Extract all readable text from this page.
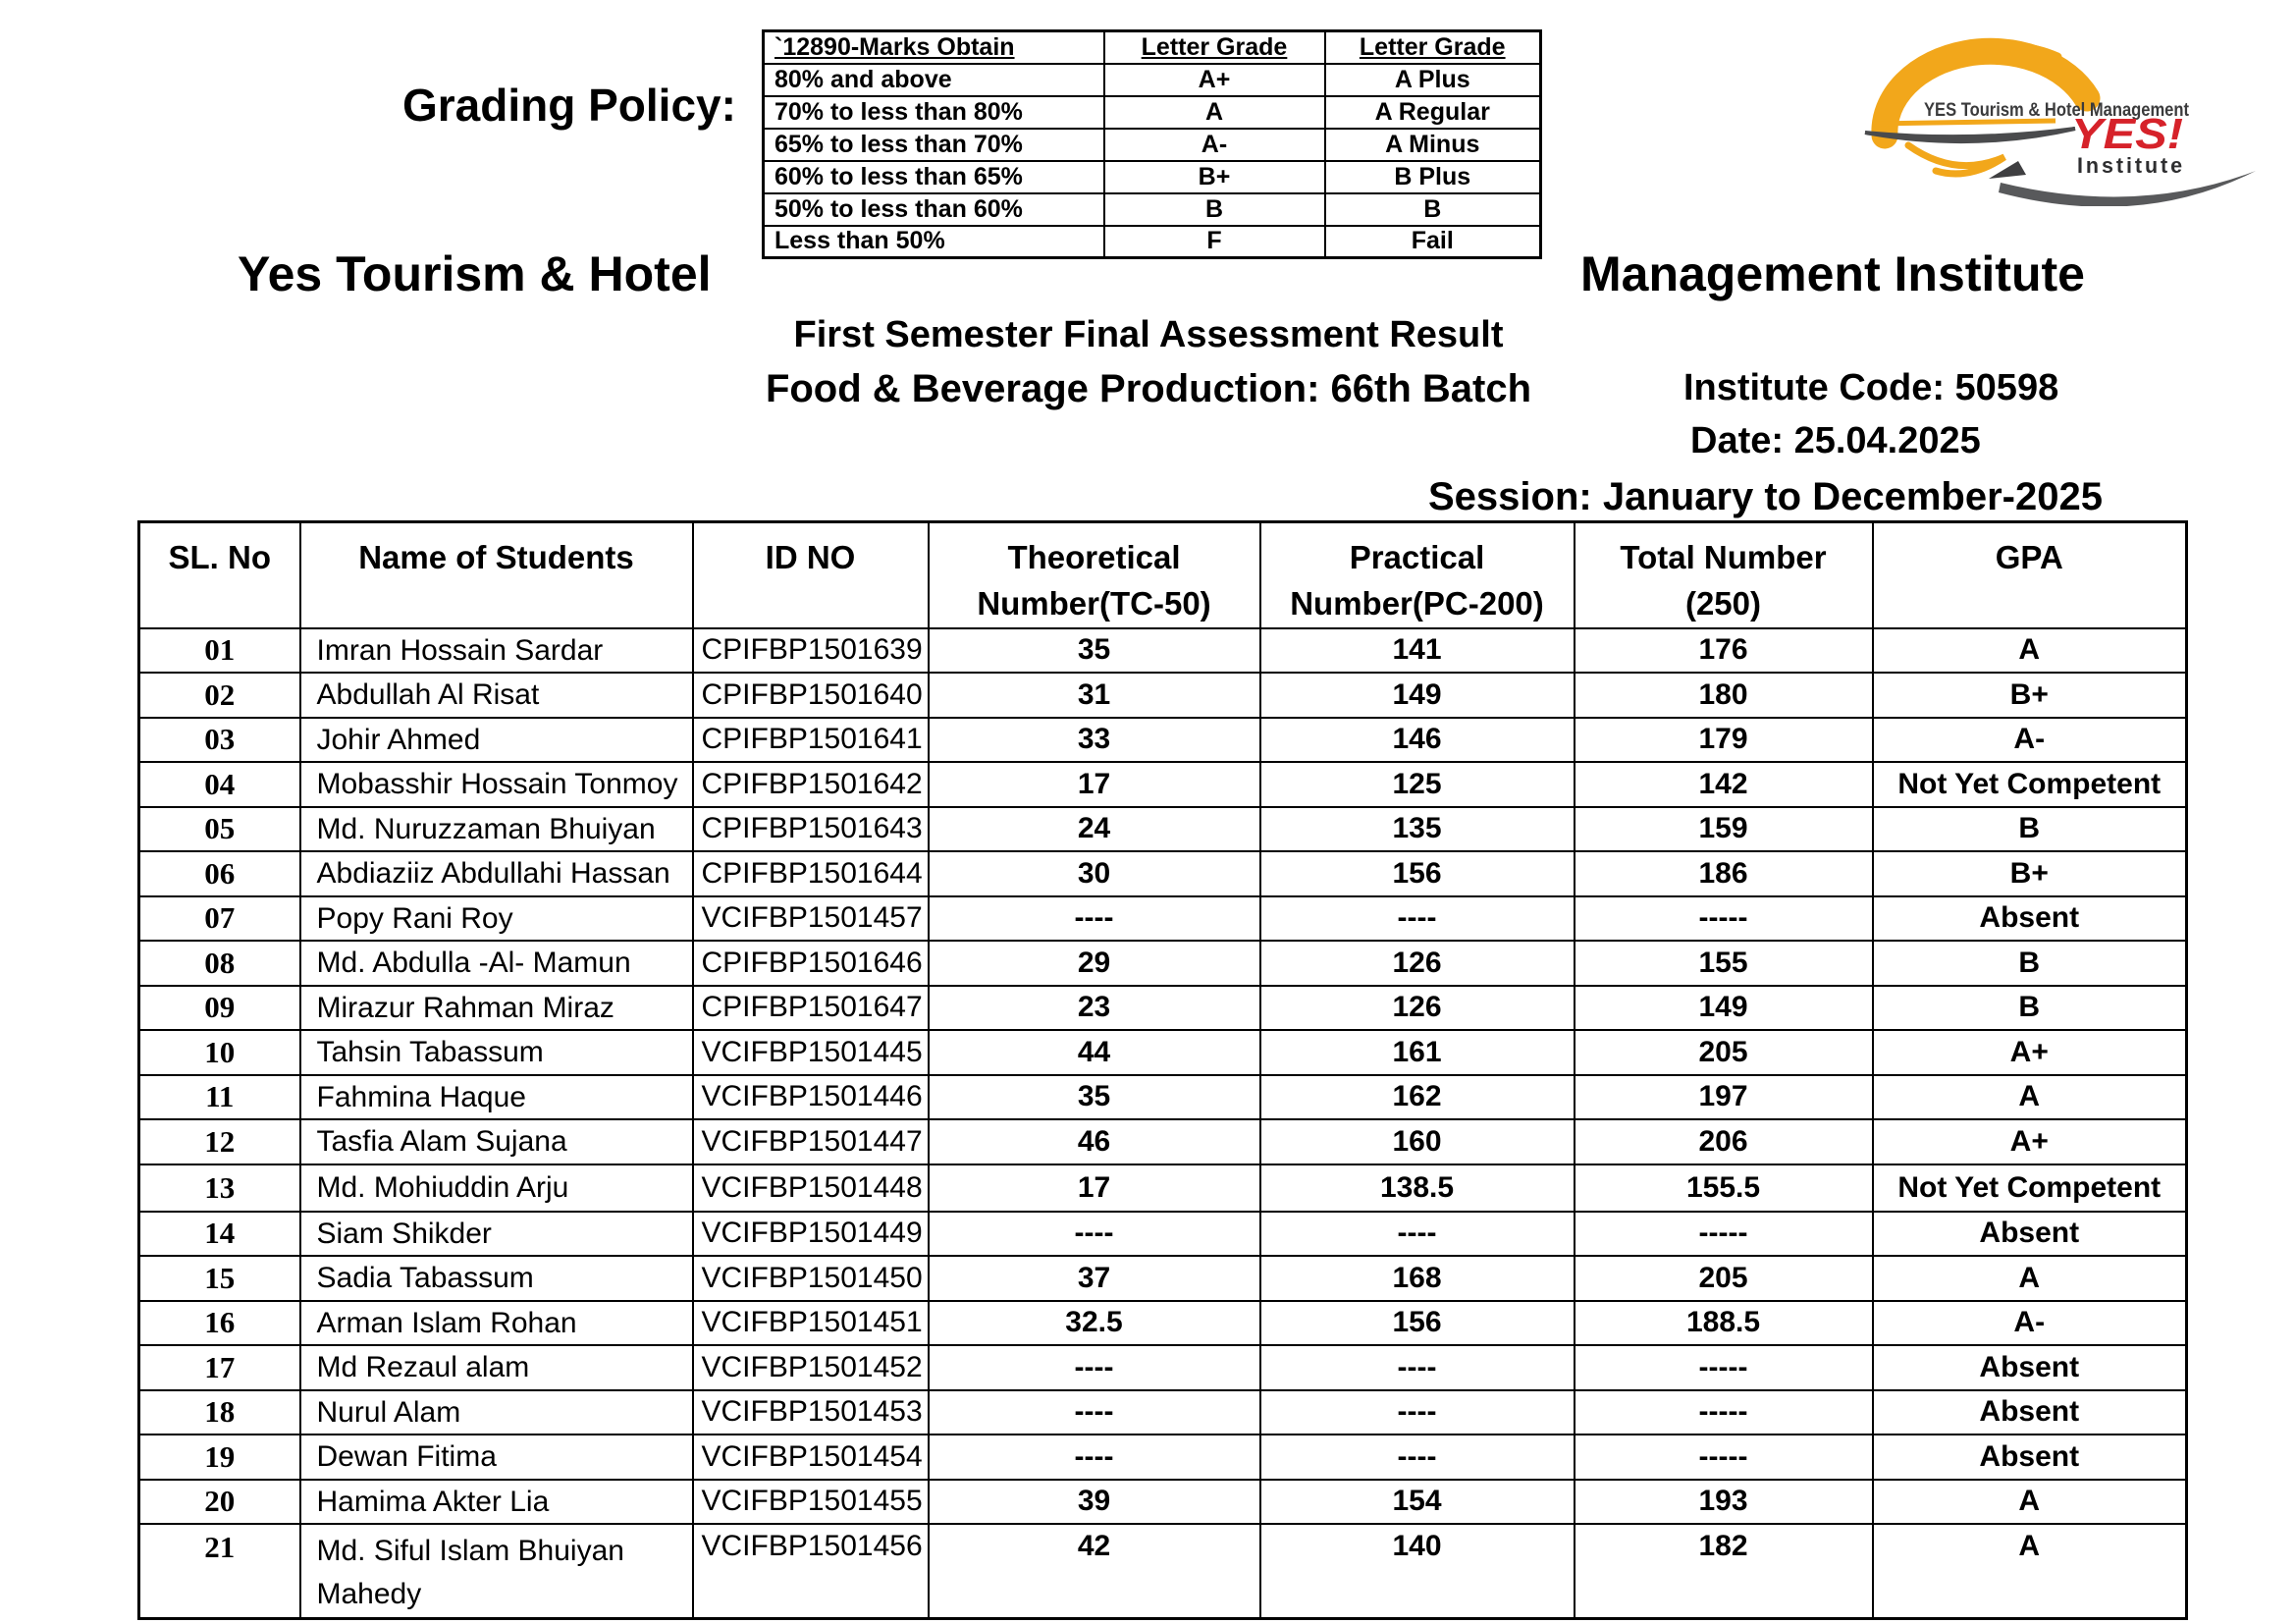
Grading Policy:
`12890-Marks Obtain	Letter Grade	Letter Grade
80% and above	A+	A Plus
70% to less than 80%	A	A Regular
65% to less than 70%	A-	A Minus
60% to less than 65%	B+	B Plus
50% to less than 60%	B	B
Less than 50%	F	Fail
YES Tourism & Hotel Management
YES!
Institute
Yes Tourism & Hotel	Management Institute
First Semester Final Assessment Result
Food & Beverage Production: 66th Batch	Institute Code: 50598
Date: 25.04.2025
Session: January to December-2025
SL. No	Name of Students	ID NO	Theoretical Number(TC-50)	Practical Number(PC-200)	Total Number (250)	GPA
01	Imran Hossain Sardar	CPIFBP1501639	35	141	176	A
02	Abdullah Al Risat	CPIFBP1501640	31	149	180	B+
03	Johir Ahmed	CPIFBP1501641	33	146	179	A-
04	Mobasshir Hossain Tonmoy	CPIFBP1501642	17	125	142	Not Yet Competent
05	Md. Nuruzzaman Bhuiyan	CPIFBP1501643	24	135	159	B
06	Abdiaziiz Abdullahi Hassan	CPIFBP1501644	30	156	186	B+
07	Popy Rani Roy	VCIFBP1501457	----	----	-----	Absent
08	Md. Abdulla -Al- Mamun	CPIFBP1501646	29	126	155	B
09	Mirazur Rahman Miraz	CPIFBP1501647	23	126	149	B
10	Tahsin Tabassum	VCIFBP1501445	44	161	205	A+
11	Fahmina Haque	VCIFBP1501446	35	162	197	A
12	Tasfia Alam Sujana	VCIFBP1501447	46	160	206	A+
13	Md. Mohiuddin Arju	VCIFBP1501448	17	138.5	155.5	Not Yet Competent
14	Siam Shikder	VCIFBP1501449	----	----	-----	Absent
15	Sadia Tabassum	VCIFBP1501450	37	168	205	A
16	Arman Islam Rohan	VCIFBP1501451	32.5	156	188.5	A-
17	Md Rezaul alam	VCIFBP1501452	----	----	-----	Absent
18	Nurul Alam	VCIFBP1501453	----	----	-----	Absent
19	Dewan Fitima	VCIFBP1501454	----	----	-----	Absent
20	Hamima Akter Lia	VCIFBP1501455	39	154	193	A
21	Md. Siful Islam Bhuiyan Mahedy	VCIFBP1501456	42	140	182	A
